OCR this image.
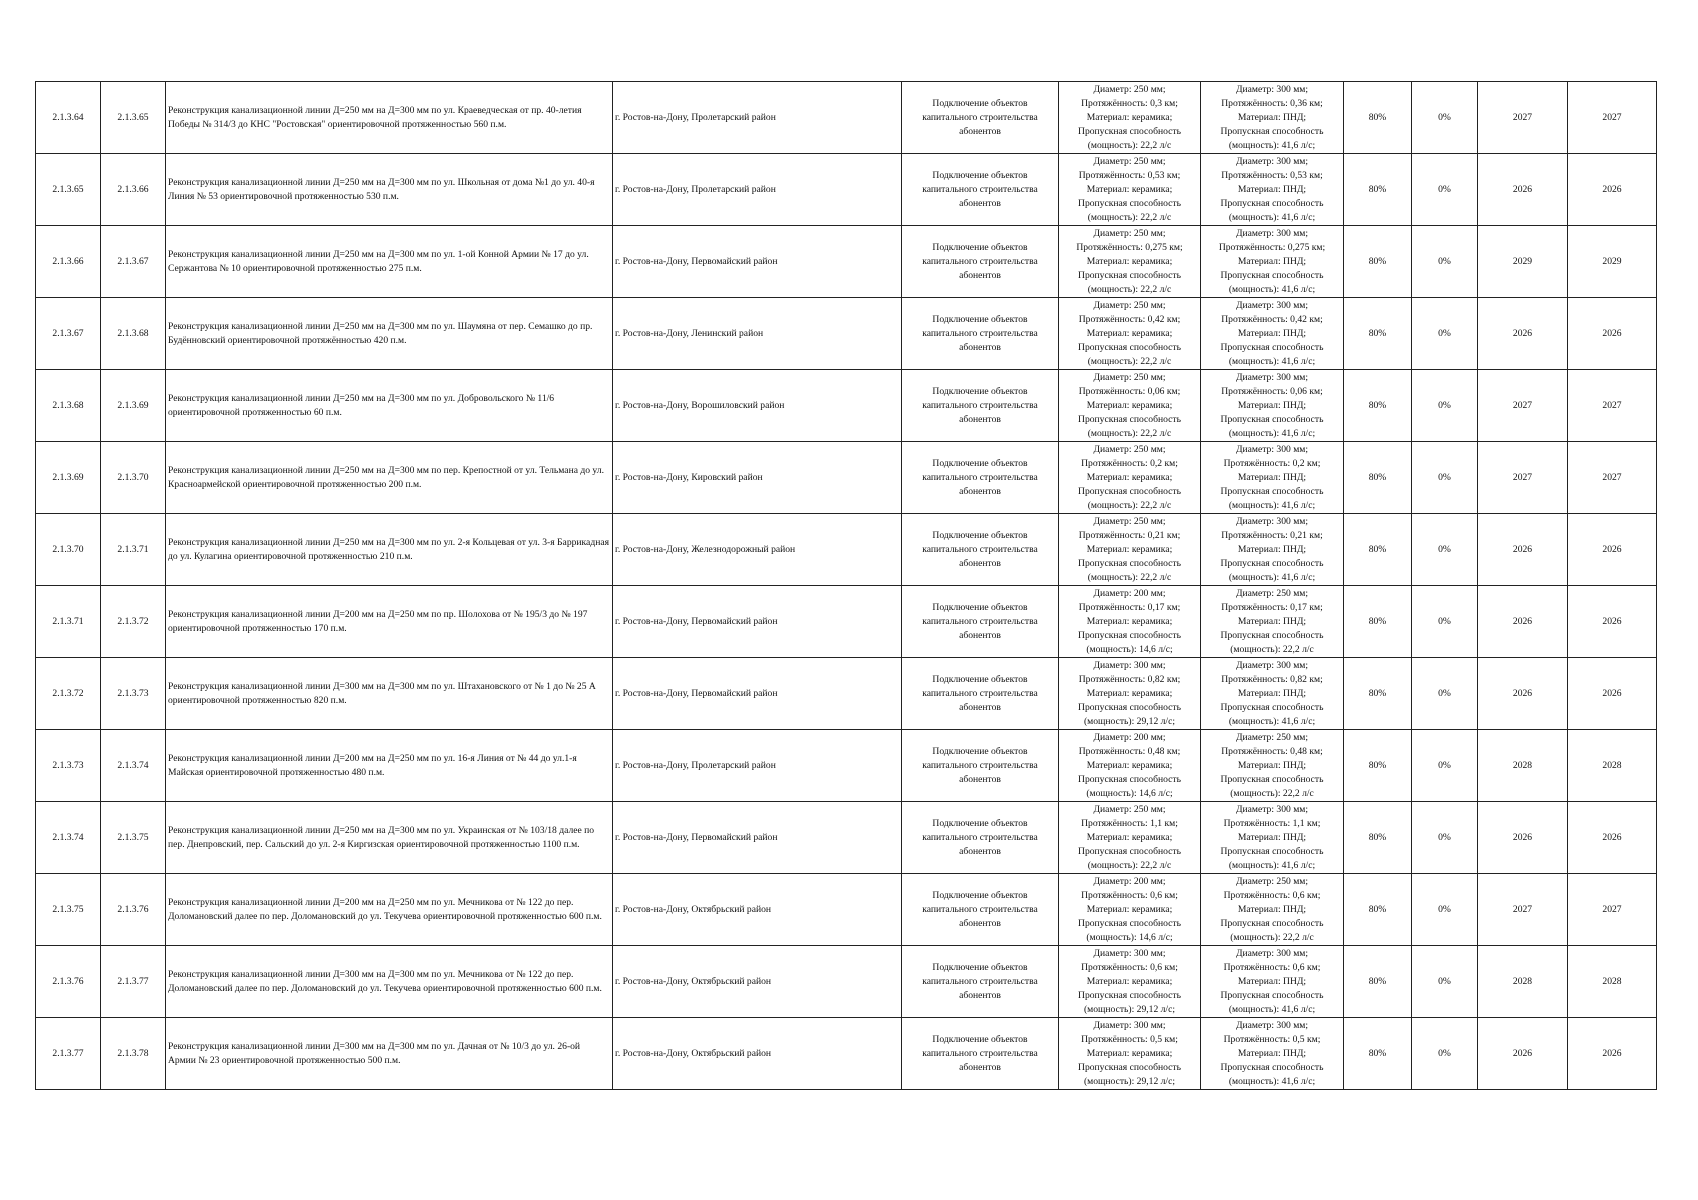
2.1.3.64	2.1.3.65	Реконструкция канализационной линии Д=250 мм на Д=300 мм по ул. Краеведческая от пр. 40-летия Победы № 314/3 до КНС "Ростовская" ориентировочной протяженностью 560 п.м.	г. Ростов-на-Дону, Пролетарский район	Подключение объектов капитального строительства абонентов	Диаметр: 250 мм;
Протяжённость: 0,3 км;
Материал: керамика;
Пропускная способность (мощность): 22,2 л/с	Диаметр: 300 мм;
Протяжённость: 0,36 км;
Материал: ПНД;
Пропускная способность (мощность): 41,6 л/с;	80%	0%	2027	2027
2.1.3.65	2.1.3.66	Реконструкция канализационной линии Д=250 мм на Д=300 мм по ул. Школьная от дома №1 до ул. 40-я Линия № 53 ориентировочной протяженностью 530 п.м.	г. Ростов-на-Дону, Пролетарский район	Подключение объектов капитального строительства абонентов	Диаметр: 250 мм;
Протяжённость: 0,53 км;
Материал: керамика;
Пропускная способность (мощность): 22,2 л/с	Диаметр: 300 мм;
Протяжённость: 0,53 км;
Материал: ПНД;
Пропускная способность (мощность): 41,6 л/с;	80%	0%	2026	2026
2.1.3.66	2.1.3.67	Реконструкция канализационной линии Д=250 мм на Д=300 мм по ул. 1-ой Конной Армии № 17 до ул. Сержантова № 10 ориентировочной протяженностью 275 п.м.	г. Ростов-на-Дону, Первомайский район	Подключение объектов капитального строительства абонентов	Диаметр: 250 мм;
Протяжённость: 0,275 км;
Материал: керамика;
Пропускная способность (мощность): 22,2 л/с	Диаметр: 300 мм;
Протяжённость: 0,275 км;
Материал: ПНД;
Пропускная способность (мощность): 41,6 л/с;	80%	0%	2029	2029
2.1.3.67	2.1.3.68	Реконструкция канализационной линии Д=250 мм на Д=300 мм по ул. Шаумяна от пер. Семашко до пр. Будённовский ориентировочной протяжённостью 420 п.м.	г. Ростов-на-Дону, Ленинский район	Подключение объектов капитального строительства абонентов	Диаметр: 250 мм;
Протяжённость: 0,42 км;
Материал: керамика;
Пропускная способность (мощность): 22,2 л/с	Диаметр: 300 мм;
Протяжённость: 0,42 км;
Материал: ПНД;
Пропускная способность (мощность): 41,6 л/с;	80%	0%	2026	2026
2.1.3.68	2.1.3.69	Реконструкция канализационной линии Д=250 мм на Д=300 мм по ул. Добровольского № 11/6 ориентировочной протяженностью 60 п.м.	г. Ростов-на-Дону, Ворошиловский район	Подключение объектов капитального строительства абонентов	Диаметр: 250 мм;
Протяжённость: 0,06 км;
Материал: керамика;
Пропускная способность (мощность): 22,2 л/с	Диаметр: 300 мм;
Протяжённость: 0,06 км;
Материал: ПНД;
Пропускная способность (мощность): 41,6 л/с;	80%	0%	2027	2027
2.1.3.69	2.1.3.70	Реконструкция канализационной линии Д=250 мм на Д=300 мм по пер. Крепостной от ул. Тельмана до ул. Красноармейской ориентировочной протяженностью 200 п.м.	г. Ростов-на-Дону, Кировский район	Подключение объектов капитального строительства абонентов	Диаметр: 250 мм;
Протяжённость: 0,2 км;
Материал: керамика;
Пропускная способность (мощность): 22,2 л/с	Диаметр: 300 мм;
Протяжённость: 0,2 км;
Материал: ПНД;
Пропускная способность (мощность): 41,6 л/с;	80%	0%	2027	2027
2.1.3.70	2.1.3.71	Реконструкция канализационной линии Д=250 мм на Д=300 мм по ул. 2-я Кольцевая от ул. 3-я Баррикадная до ул. Кулагина ориентировочной протяженностью 210 п.м.	г. Ростов-на-Дону, Железнодорожный район	Подключение объектов капитального строительства абонентов	Диаметр: 250 мм;
Протяжённость: 0,21 км;
Материал: керамика;
Пропускная способность (мощность): 22,2 л/с	Диаметр: 300 мм;
Протяжённость: 0,21 км;
Материал: ПНД;
Пропускная способность (мощность): 41,6 л/с;	80%	0%	2026	2026
2.1.3.71	2.1.3.72	Реконструкция канализационной линии Д=200 мм на Д=250 мм по пр. Шолохова от № 195/3 до № 197 ориентировочной протяженностью 170 п.м.	г. Ростов-на-Дону, Первомайский район	Подключение объектов капитального строительства абонентов	Диаметр: 200 мм;
Протяжённость: 0,17 км;
Материал: керамика;
Пропускная способность (мощность): 14,6 л/с;	Диаметр: 250 мм;
Протяжённость: 0,17 км;
Материал: ПНД;
Пропускная способность (мощность): 22,2 л/с	80%	0%	2026	2026
2.1.3.72	2.1.3.73	Реконструкция канализационной линии Д=300 мм на Д=300 мм по ул. Штахановского от № 1 до № 25 А ориентировочной протяженностью 820 п.м.	г. Ростов-на-Дону, Первомайский район	Подключение объектов капитального строительства абонентов	Диаметр: 300 мм;
Протяжённость: 0,82 км;
Материал: керамика;
Пропускная способность (мощность): 29,12 л/с;	Диаметр: 300 мм;
Протяжённость: 0,82 км;
Материал: ПНД;
Пропускная способность (мощность): 41,6 л/с;	80%	0%	2026	2026
2.1.3.73	2.1.3.74	Реконструкция канализационной линии Д=200 мм на Д=250 мм по ул. 16-я Линия от № 44 до ул.1-я Майская ориентировочной протяженностью 480 п.м.	г. Ростов-на-Дону, Пролетарский район	Подключение объектов капитального строительства абонентов	Диаметр: 200 мм;
Протяжённость: 0,48 км;
Материал: керамика;
Пропускная способность (мощность): 14,6 л/с;	Диаметр: 250 мм;
Протяжённость: 0,48 км;
Материал: ПНД;
Пропускная способность (мощность): 22,2 л/с	80%	0%	2028	2028
2.1.3.74	2.1.3.75	Реконструкция канализационной линии Д=250 мм на Д=300 мм по ул. Украинская от № 103/18 далее по пер. Днепровский, пер. Сальский до ул. 2-я Киргизская ориентировочной протяженностью 1100 п.м.	г. Ростов-на-Дону, Первомайский район	Подключение объектов капитального строительства абонентов	Диаметр: 250 мм;
Протяжённость: 1,1 км;
Материал: керамика;
Пропускная способность (мощность): 22,2 л/с	Диаметр: 300 мм;
Протяжённость: 1,1 км;
Материал: ПНД;
Пропускная способность (мощность): 41,6 л/с;	80%	0%	2026	2026
2.1.3.75	2.1.3.76	Реконструкция канализационной линии Д=200 мм на Д=250 мм по ул. Мечникова от № 122 до пер. Доломановский далее по пер. Доломановский до ул. Текучева ориентировочной протяженностью 600 п.м.	г. Ростов-на-Дону, Октябрьский район	Подключение объектов капитального строительства абонентов	Диаметр: 200 мм;
Протяжённость: 0,6 км;
Материал: керамика;
Пропускная способность (мощность): 14,6 л/с;	Диаметр: 250 мм;
Протяжённость: 0,6 км;
Материал: ПНД;
Пропускная способность (мощность): 22,2 л/с	80%	0%	2027	2027
2.1.3.76	2.1.3.77	Реконструкция канализационной линии Д=300 мм на Д=300 мм по ул. Мечникова от № 122 до пер. Доломановский далее по пер. Доломановский до ул. Текучева ориентировочной протяженностью 600 п.м.	г. Ростов-на-Дону, Октябрьский район	Подключение объектов капитального строительства абонентов	Диаметр: 300 мм;
Протяжённость: 0,6 км;
Материал: керамика;
Пропускная способность (мощность): 29,12 л/с;	Диаметр: 300 мм;
Протяжённость: 0,6 км;
Материал: ПНД;
Пропускная способность (мощность): 41,6 л/с;	80%	0%	2028	2028
2.1.3.77	2.1.3.78	Реконструкция канализационной линии Д=300 мм на Д=300 мм по ул. Дачная от № 10/3 до ул. 26-ой Армии № 23 ориентировочной протяженностью 500 п.м.	г. Ростов-на-Дону, Октябрьский район	Подключение объектов капитального строительства абонентов	Диаметр: 300 мм;
Протяжённость: 0,5 км;
Материал: керамика;
Пропускная способность (мощность): 29,12 л/с;	Диаметр: 300 мм;
Протяжённость: 0,5 км;
Материал: ПНД;
Пропускная способность (мощность): 41,6 л/с;	80%	0%	2026	2026
